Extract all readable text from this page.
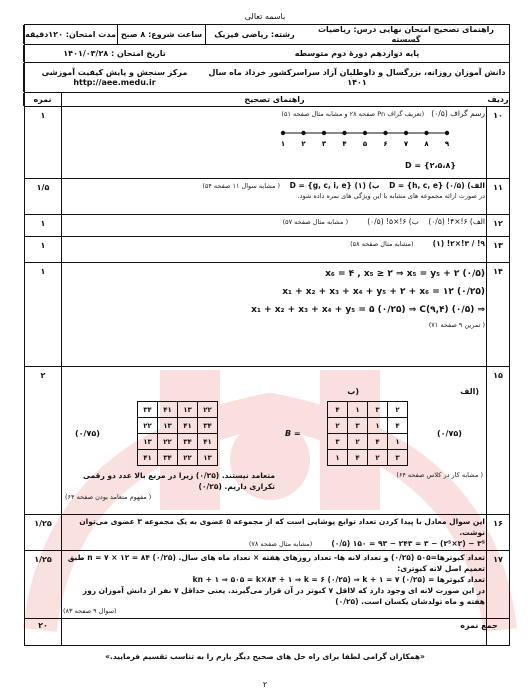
باسمه تعالی
راهنمای تصحیح امتحان نهایی درس: ریاضیات گسسته
رشته: ریاضی فیزیک
ساعت شروع: ۸ صبح
مدت امتحان: ۱۲۰دقیقه
پایه دوازدهم دورهٔ دوم متوسطه
تاریخ امتحان : ۱۴۰۱/۰۳/۲۸
دانش آموزان روزانه، بزرگسال و داوطلبان آزاد سراسرکشور خرداد ماه سال ۱۴۰۱
مرکز سنجش و پایش کیفیت آموزشی
http://aee.medu.ir
ردیف
راهنمای تصحیح
نمره
۱۰
۱	رسم گراف (۰/۵)   (تعریف گراف Pn صفحه ۲۸ و مشابه مثال صفحه ۵۱)
۱ ۲ ۳ ۴ ۵ ۶ ۷ ۸ ۹
D = {۲،۵،۸}
۱۱
۱/۵	الف) D = {h, c, e} (۰/۵)    ب) D = {g, c, i, e} (۱)    ( مشابه سوال ۱۱ صفحه ۵۴)
در صورت ارائه مجموعه های مشابه با این ویژگی های نمره داده شود.
۱۲
۱	الف) ۶!×۴! (۰/۵)    ب) ۶!×۵! (۰/۵)        ( مشابه مثال صفحه ۵۷)
۱۳
۱	۹! / ۳!×۲! (۱)        (مشابه مثال صفحه ۵۸)
۱۴
۱	x₆ = ۴ , x₅ ≥ ۲ ⇒ x₅ = y₅ + ۲ (۰/۵)
x₁ + x₂ + x₃ + x₄ + y₅ + ۲ + x₆ = ۱۲ (۰/۲۵)
⇒ x₁ + x₂ + x₃ + x₄ + y₅ = ۵ (۰/۲۵) ⇒ C(۹,۴) (۰/۵)
( تمرین ۹ صفحه ۷۱)
۱۵
۲
الف)
ب)
۴	۱	۳	۲
۲	۳	۱	۴
۳	۲	۴	۱
۱	۴	۲	۳
B =	(۰/۷۵)
۳۴	۴۱	۱۳	۲۲
۲۲	۱۳	۴۱	۳۴
۱۳	۲۲	۳۴	۴۱
۴۱	۳۴	۲۲	۱۳
(۰/۷۵)
( مشابه کار در کلاس صفحه ۶۴)
متعامد نیستند. (۰/۲۵) زیرا در مربع بالا عدد دو رقمی تکراری داریم. (۰/۲۵)
( مفهوم متعامد بودن صفحه ۶۴)
۱۶
۱/۲۵	این سوال معادل با پیدا کردن تعداد توابع پوشایی است که از مجموعه ۵ عضوی به یک مجموعه ۳ عضوی می‌توان نوشت.
۳⁵ − (۲×۲⁵) − ۳ = ۲۴۳ − ۹۳ = ۱۵۰ (۰/۵)        (مشابه مثال صفحه ۷۸)
۱۷
۱/۲۵	تعداد کبوترها=۵۰۵ (۰/۲۵) و تعداد لانه ها- تعداد روزهای هفته × تعداد ماه های سال. n = ۷ × ۱۲ = ۸۴ (۰/۲۵) طبق تعمیم اصل لانه کبوتری:
تعداد کبوترها = kn + ۱ ⇒ ۵۰۵ = k×۸۴ + ۱ ⇒ k = ۶ (۰/۲۵) ⇒ k + ۱ = ۷ (۰/۲۵)
در این صورت لانه ای وجود دارد که لااقل ۷ کبوتر در آن قرار می‌گیرند. یعنی حداقل ۷ نفر از دانش آموزان روز هفته و ماه تولدشان یکسان است. (۰/۲۵)
(سوال ۹ صفحه ۸۳)
جمع نمره
۲۰
«همکاران گرامی لطفا برای راه حل های صحیح دیگر بارم را به تناسب تقسیم فرمایید.»
۲
